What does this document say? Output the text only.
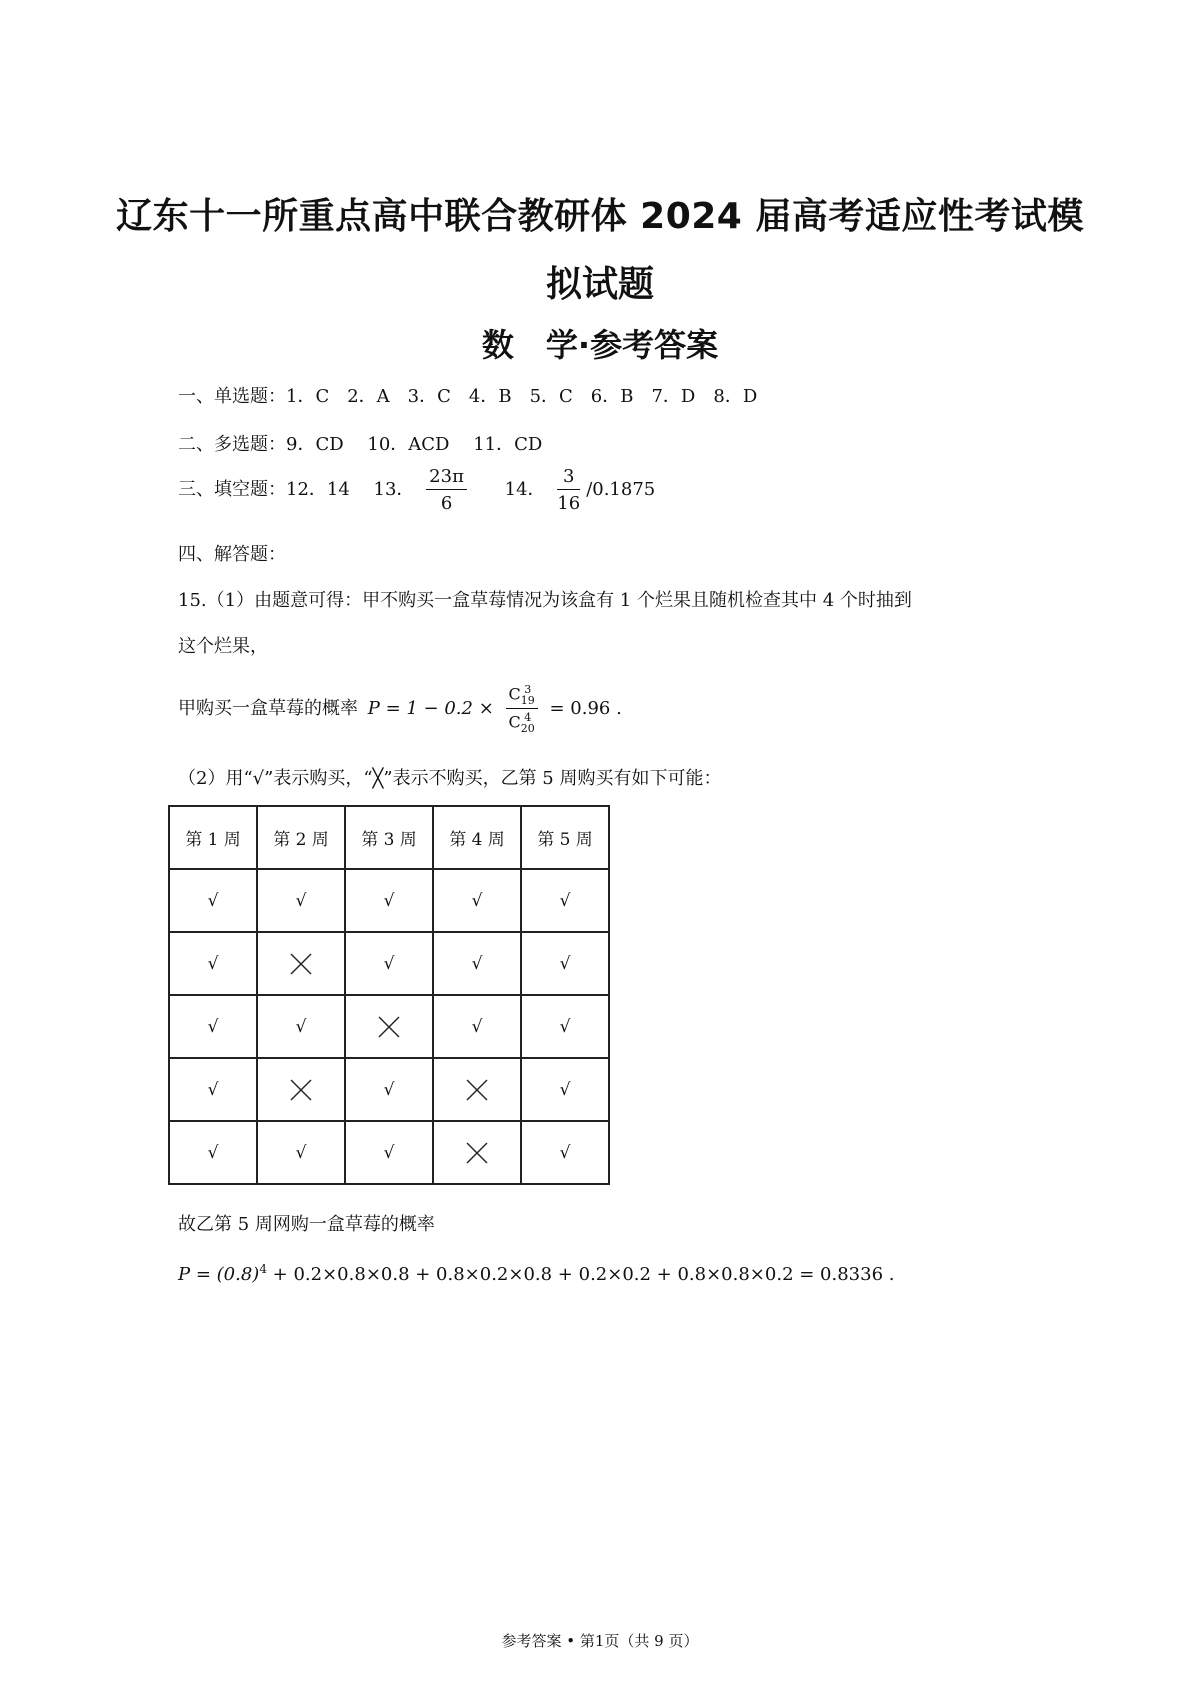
辽东十一所重点高中联合教研体 2024 届高考适应性考试模
拟试题
数　学·参考答案
一、单选题：1．C　2．A　3．C　4．B　5．C　6．B　7．D　8．D
二、多选题：9．CD　 10．ACD　 11．CD
三、填空题：12．14　 13． $\frac{23\pi}{6} 14$． $\frac{3}{16} /0.1875$
四、解答题：
15.（1）由题意可得：甲不购买一盒草莓情况为该盒有 1 个烂果且随机检查其中 4 个时抽到
这个烂果，
甲购买一盒草莓的概率 P = 1 − 0.2 × C 3
19
C 4
20 = 0.96 .
（2）用“√”表示购买，“╳”表示不购买，乙第 5 周购买有如下可能：
第 1 周	第 2 周	第 3 周	第 4 周	第 5 周
√	√	√	√	√
√		√	√	√
√	√		√	√
√		√		√
√	√	√		√
故乙第 5 周网购一盒草莓的概率
$P = (0.8)^4 + 0.2\times 0.8\times 0.8 + 0.8\times 0.2\times 0.8 + 0.2\times 0.2 + 0.8\times 0.8\times 0.2 = 0.8336$ .
参考答案 • 第1页（共 9 页）
